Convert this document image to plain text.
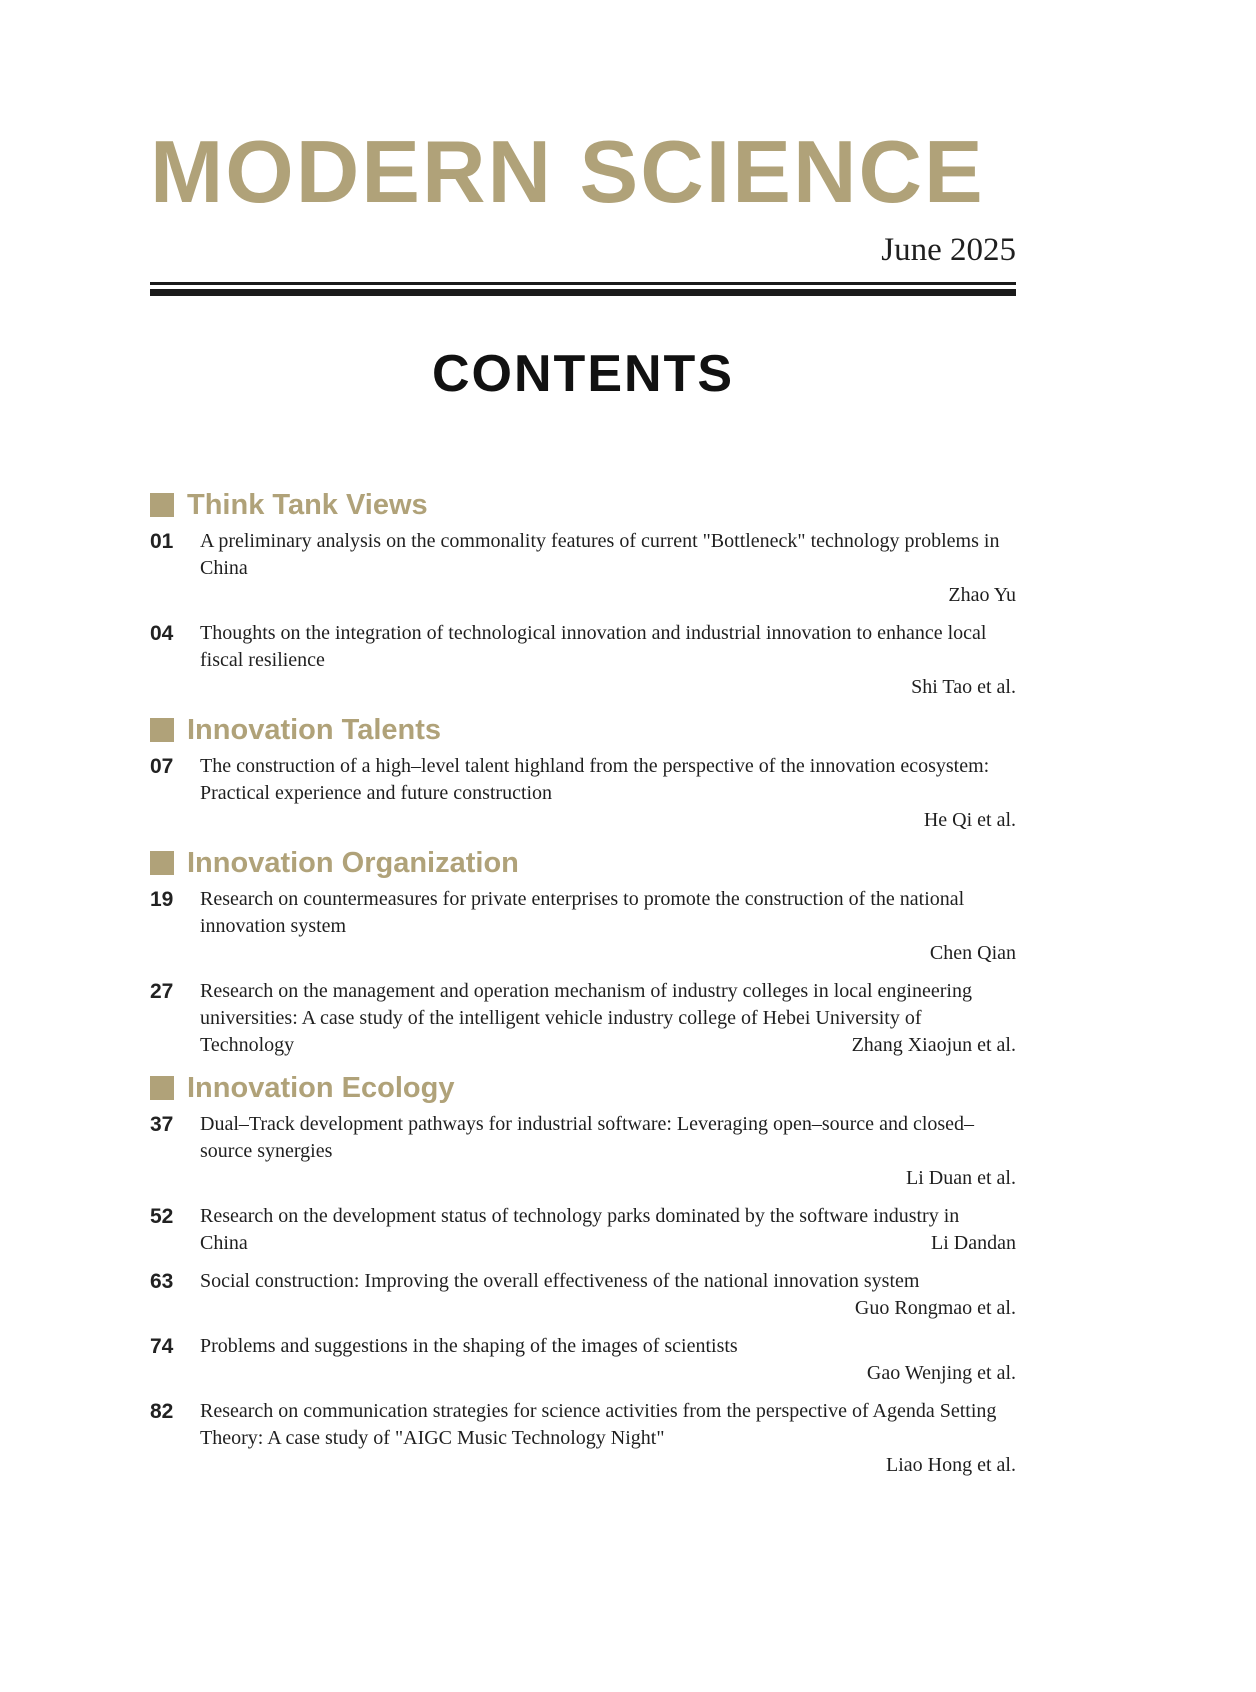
MODERN SCIENCE
June 2025
CONTENTS
Think Tank Views
01	A preliminary analysis on the commonality features of current "Bottleneck" technology problems in
China
Zhao Yu
04	Thoughts on the integration of technological innovation and industrial innovation to enhance local
fiscal resilience
Shi Tao et al.
Innovation Talents
07	The construction of a high–level talent highland from the perspective of the innovation ecosystem:
Practical experience and future construction
He Qi et al.
Innovation Organization
19	Research on countermeasures for private enterprises to promote the construction of the national
innovation system
Chen Qian
27	Research on the management and operation mechanism of industry colleges in local engineering
universities: A case study of the intelligent vehicle industry college of Hebei University of
Technology	Zhang Xiaojun et al.
Innovation Ecology
37	Dual–Track development pathways for industrial software: Leveraging open–source and closed–
source synergies
Li Duan et al.
52	Research on the development status of technology parks dominated by the software industry in
China	Li Dandan
63	Social construction: Improving the overall effectiveness of the national innovation system
Guo Rongmao et al.
74	Problems and suggestions in the shaping of the images of scientists
Gao Wenjing et al.
82	Research on communication strategies for science activities from the perspective of Agenda Setting
Theory: A case study of "AIGC Music Technology Night"
Liao Hong et al.
